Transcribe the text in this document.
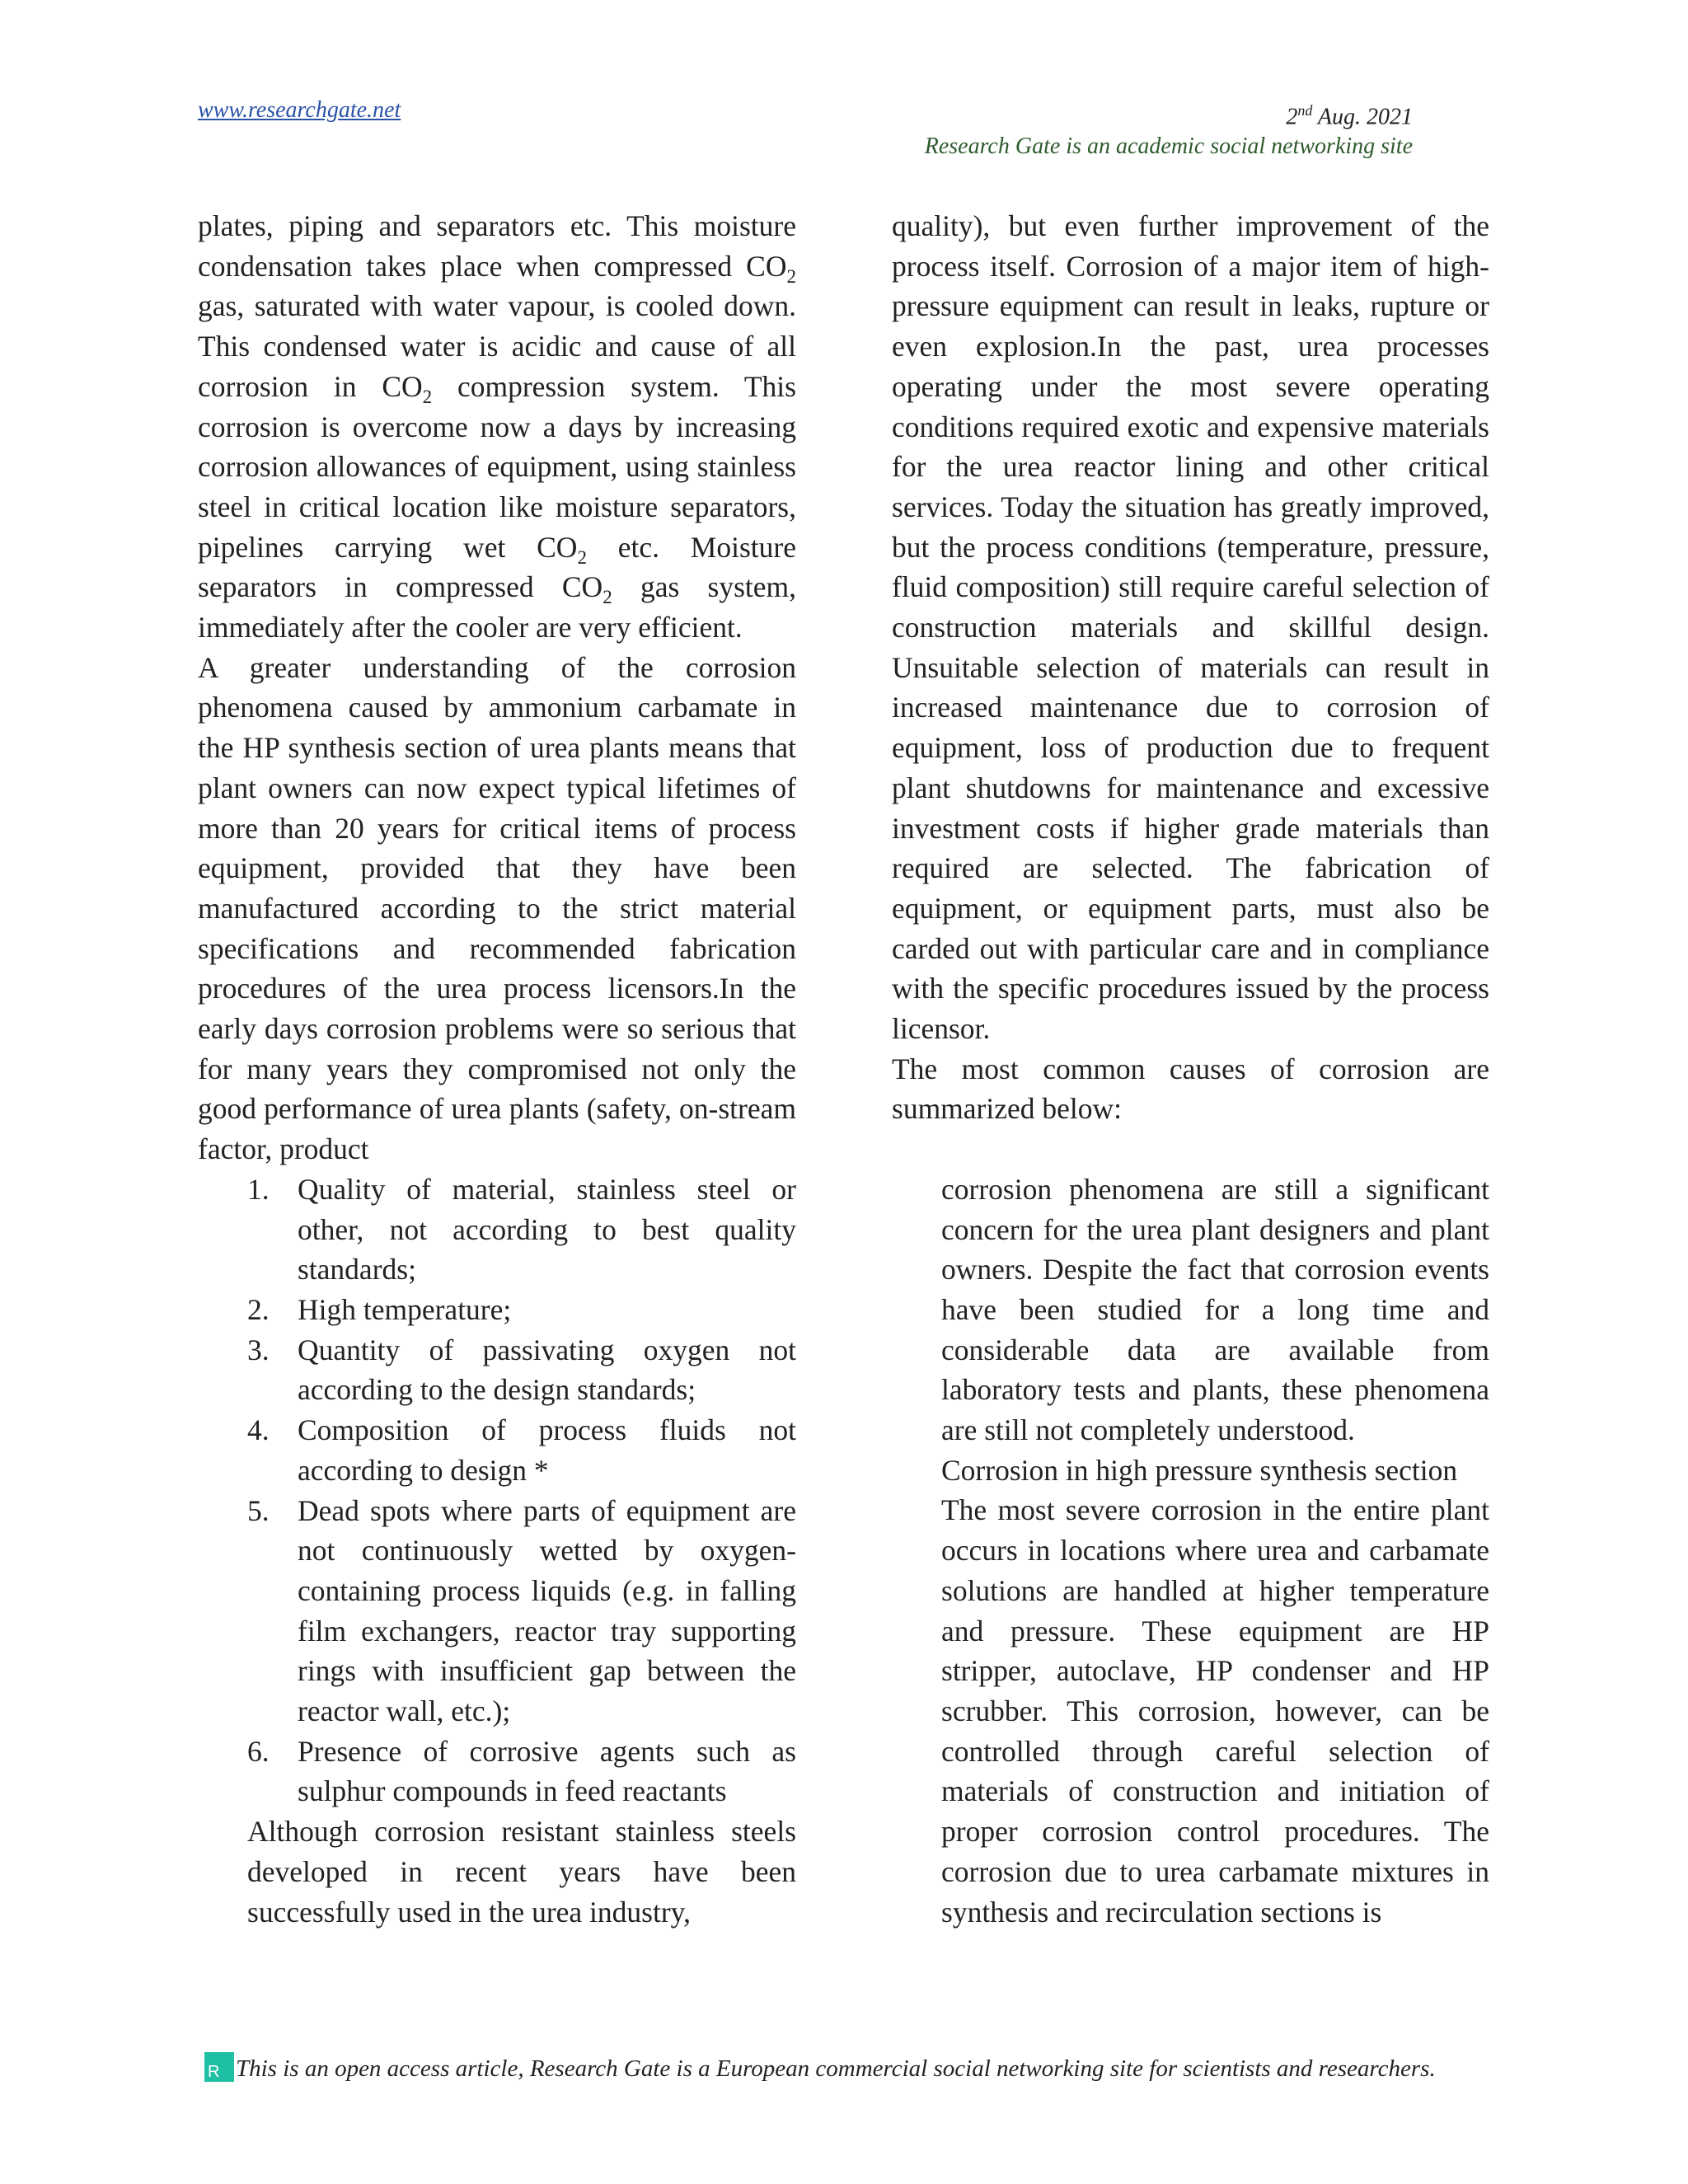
www.researchgate.net	2nd Aug. 2021
Research Gate is an academic social networking site

plates, piping and separators etc. This moisture condensation takes place when compressed $CO_2$ gas, saturated with water vapour, is cooled down. This condensed water is acidic and cause of all corrosion in $CO_2$ compression system. This corrosion is overcome now a days by increasing corrosion allowances of equipment, using stainless steel in critical location like moisture separators, pipelines carrying wet $CO_2$ etc. Moisture separators in compressed $CO_2$ gas system, immediately after the cooler are very efficient.

A greater understanding of the corrosion phenomena caused by ammonium carbamate in the HP synthesis section of urea plants means that plant owners can now expect typical lifetimes of more than 20 years for critical items of process equipment, provided that they have been manufactured according to the strict material specifications and recommended fabrication procedures of the urea process licensors.In the early days corrosion problems were so serious that for many years they compromised not only the good performance of urea plants (safety, on-stream factor, product

1. Quality of material, stainless steel or other, not according to best quality standards;
2. High temperature;
3. Quantity of passivating oxygen not according to the design standards;
4. Composition of process fluids not according to design *
5. Dead spots where parts of equipment are not continuously wetted by oxygen-containing process liquids (e.g. in falling film exchangers, reactor tray supporting rings with insufficient gap between the reactor wall, etc.);
6. Presence of corrosive agents such as sulphur compounds in feed reactants

Although corrosion resistant stainless steels developed in recent years have been successfully used in the urea industry,

quality), but even further improvement of the process itself. Corrosion of a major item of high-pressure equipment can result in leaks, rupture or even explosion.In the past, urea processes operating under the most severe operating conditions required exotic and expensive materials for the urea reactor lining and other critical services. Today the situation has greatly improved, but the process conditions (temperature, pressure, fluid composition) still require careful selection of construction materials and skillful design. Unsuitable selection of materials can result in increased maintenance due to corrosion of equipment, loss of production due to frequent plant shutdowns for maintenance and excessive investment costs if higher grade materials than required are selected. The fabrication of equipment, or equipment parts, must also be carded out with particular care and in compliance with the specific procedures issued by the process licensor.

The most common causes of corrosion are summarized below:

corrosion phenomena are still a significant concern for the urea plant designers and plant owners. Despite the fact that corrosion events have been studied for a long time and considerable data are available from laboratory tests and plants, these phenomena are still not completely understood.

Corrosion in high pressure synthesis section

The most severe corrosion in the entire plant occurs in locations where urea and carbamate solutions are handled at higher temperature and pressure. These equipment are HP stripper, autoclave, HP condenser and HP scrubber. This corrosion, however, can be controlled through careful selection of materials of construction and initiation of proper corrosion control procedures. The corrosion due to urea carbamate mixtures in synthesis and recirculation sections is

R This is an open access article, Research Gate is a European commercial social networking site for scientists and researchers.
